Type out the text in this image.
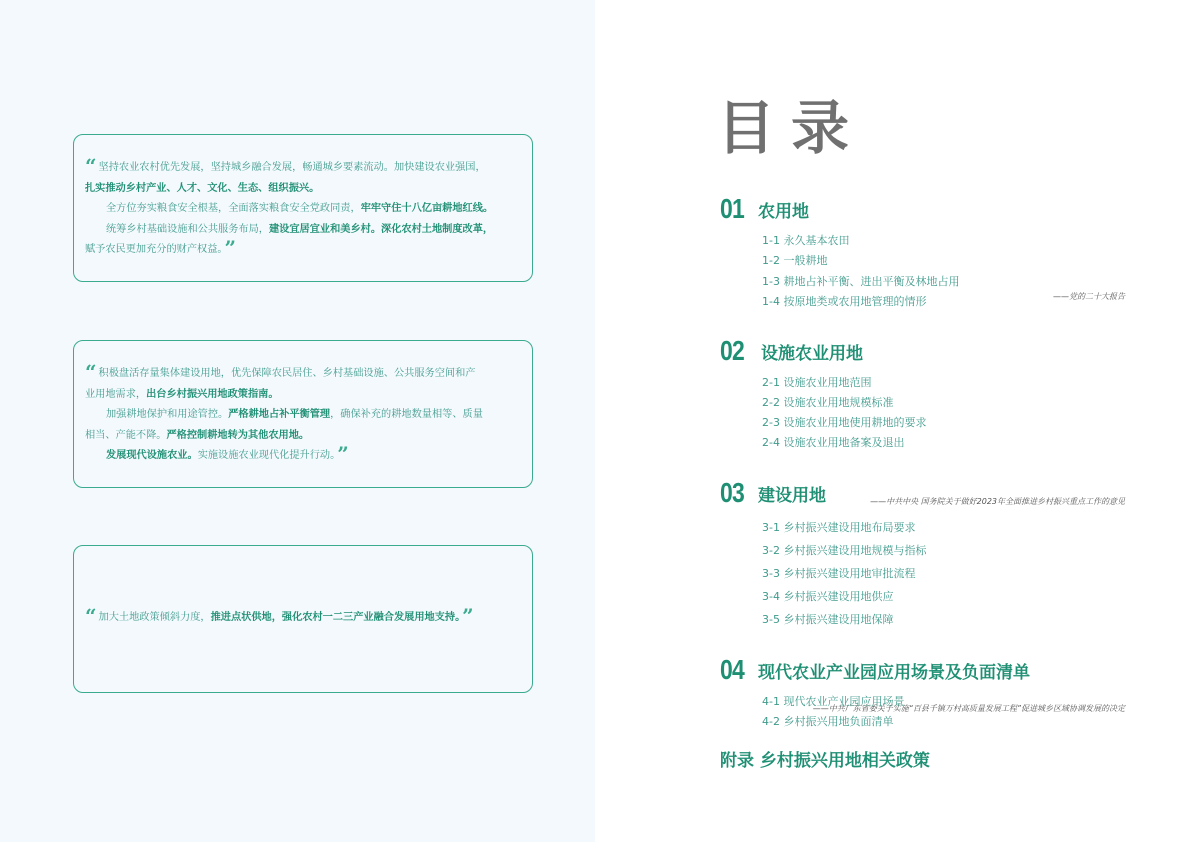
“ 坚持农业农村优先发展，坚持城乡融合发展，畅通城乡要素流动。加快建设农业强国，

扎实推动乡村产业、人才、文化、生态、组织振兴。

全方位夯实粮食安全根基，全面落实粮食安全党政同责，牢牢守住十八亿亩耕地红线。

统筹乡村基础设施和公共服务布局，建设宜居宜业和美乡村。深化农村土地制度改革，

赋予农民更加充分的财产权益。 ”

——党的二十大报告

“ 积极盘活存量集体建设用地，优先保障农民居住、乡村基础设施、公共服务空间和产

业用地需求，出台乡村振兴用地政策指南。

加强耕地保护和用途管控。严格耕地占补平衡管理，确保补充的耕地数量相等、质量

相当、产能不降。严格控制耕地转为其他农用地。

发展现代设施农业。实施设施农业现代化提升行动。 ”

——中共中央 国务院关于做好2023年全面推进乡村振兴重点工作的意见

“ 加大土地政策倾斜力度，推进点状供地，强化农村一二三产业融合发展用地支持。 ”

——中共广东省委关于实施“百县千镇万村高质量发展工程”促进城乡区域协调发展的决定
目录
01 农用地
1-1 永久基本农田
1-2 一般耕地
1-3 耕地占补平衡、进出平衡及林地占用
1-4 按原地类或农用地管理的情形
02 设施农业用地
2-1 设施农业用地范围
2-2 设施农业用地规模标准
2-3 设施农业用地使用耕地的要求
2-4 设施农业用地备案及退出
03 建设用地
3-1 乡村振兴建设用地布局要求
3-2 乡村振兴建设用地规模与指标
3-3 乡村振兴建设用地审批流程
3-4 乡村振兴建设用地供应
3-5 乡村振兴建设用地保障
04 现代农业产业园应用场景及负面清单
4-1 现代农业产业园应用场景
4-2 乡村振兴用地负面清单
附录 乡村振兴用地相关政策
